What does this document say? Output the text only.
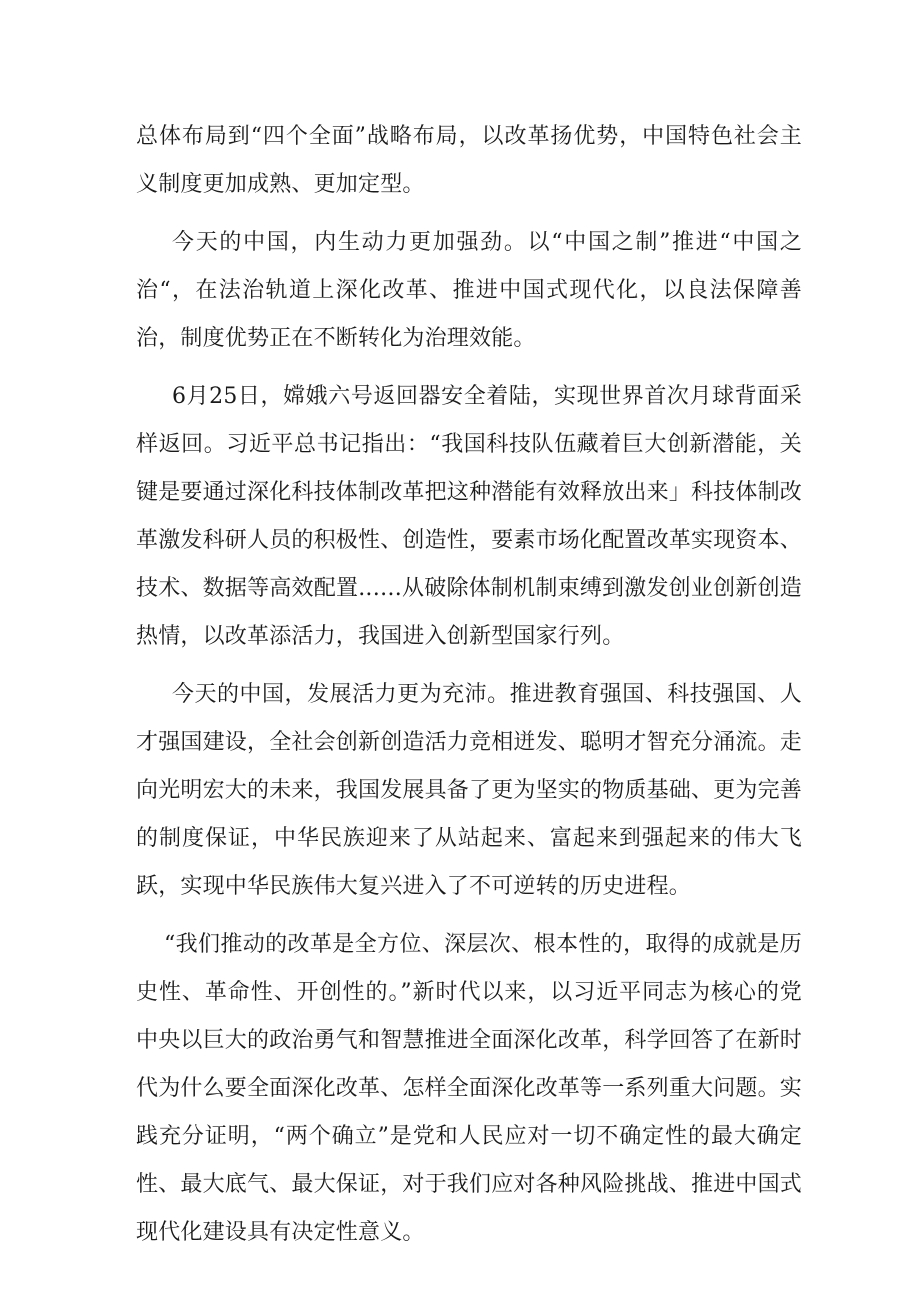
总体布局到“四个全面”战略布局，以改革扬优势，中国特色社会主义制度更加成熟、更加定型。

今天的中国，内生动力更加强劲。以“中国之制”推进“中国之治“，在法治轨道上深化改革、推进中国式现代化，以良法保障善治，制度优势正在不断转化为治理效能。

6月25日，嫦娥六号返回器安全着陆，实现世界首次月球背面采样返回。习近平总书记指出：“我国科技队伍藏着巨大创新潜能，关键是要通过深化科技体制改革把这种潜能有效释放出来」科技体制改革激发科研人员的积极性、创造性，要素市场化配置改革实现资本、技术、数据等高效配置..….从破除体制机制束缚到激发创业创新创造热情，以改革添活力，我国进入创新型国家行列。

今天的中国，发展活力更为充沛。推进教育强国、科技强国、人才强国建设，全社会创新创造活力竞相迸发、聪明才智充分涌流。走向光明宏大的未来，我国发展具备了更为坚实的物质基础、更为完善的制度保证，中华民族迎来了从站起来、富起来到强起来的伟大飞跃，实现中华民族伟大复兴进入了不可逆转的历史进程。

“我们推动的改革是全方位、深层次、根本性的，取得的成就是历史性、革命性、开创性的。”新时代以来，以习近平同志为核心的党中央以巨大的政治勇气和智慧推进全面深化改革，科学回答了在新时代为什么要全面深化改革、怎样全面深化改革等一系列重大问题。实践充分证明，“两个确立”是党和人民应对一切不确定性的最大确定性、最大底气、最大保证，对于我们应对各种风险挑战、推进中国式现代化建设具有决定性意义。
